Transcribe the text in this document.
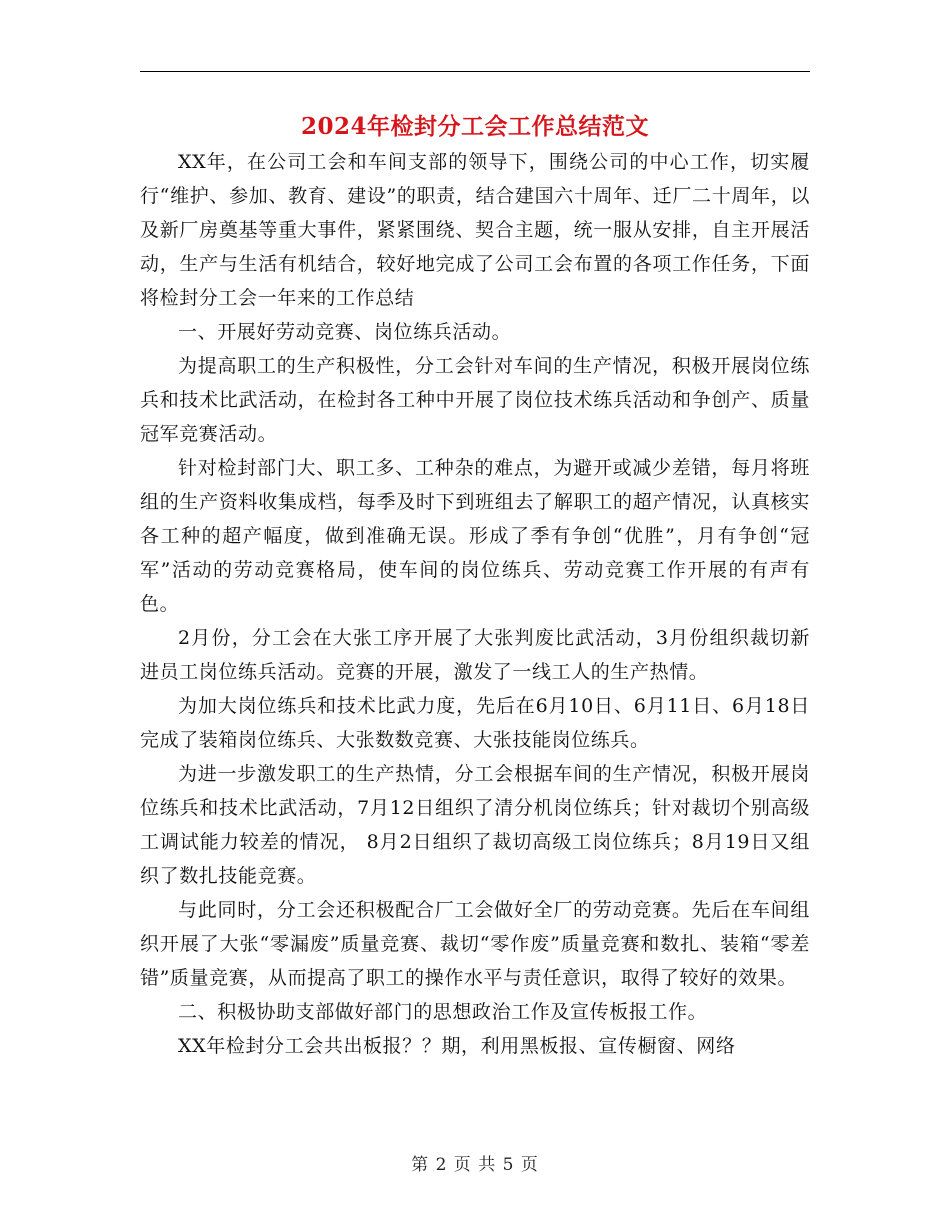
2024年检封分工会工作总结范文

XX年，在公司工会和车间支部的领导下，围绕公司的中心工作，切实履行“维护、参加、教育、建设”的职责，结合建国六十周年、迁厂二十周年，以及新厂房奠基等重大事件，紧紧围绕、契合主题，统一服从安排，自主开展活动，生产与生活有机结合，较好地完成了公司工会布置的各项工作任务，下面将检封分工会一年来的工作总结

一、开展好劳动竞赛、岗位练兵活动。

为提高职工的生产积极性，分工会针对车间的生产情况，积极开展岗位练兵和技术比武活动，在检封各工种中开展了岗位技术练兵活动和争创产、质量冠军竞赛活动。

针对检封部门大、职工多、工种杂的难点，为避开或减少差错，每月将班组的生产资料收集成档，每季及时下到班组去了解职工的超产情况，认真核实各工种的超产幅度，做到准确无误。形成了季有争创“优胜”，月有争创“冠军”活动的劳动竞赛格局，使车间的岗位练兵、劳动竞赛工作开展的有声有色。

2月份，分工会在大张工序开展了大张判废比武活动，3月份组织裁切新进员工岗位练兵活动。竞赛的开展，激发了一线工人的生产热情。

为加大岗位练兵和技术比武力度，先后在6月10日、6月11日、6月18日完成了装箱岗位练兵、大张数数竞赛、大张技能岗位练兵。

为进一步激发职工的生产热情，分工会根据车间的生产情况，积极开展岗位练兵和技术比武活动，7月12日组织了清分机岗位练兵；针对裁切个别高级工调试能力较差的情况， 8月2日组织了裁切高级工岗位练兵；8月19日又组织了数扎技能竞赛。

与此同时，分工会还积极配合厂工会做好全厂的劳动竞赛。先后在车间组织开展了大张“零漏废”质量竞赛、裁切“零作废”质量竞赛和数扎、装箱“零差错”质量竞赛，从而提高了职工的操作水平与责任意识，取得了较好的效果。

二、积极协助支部做好部门的思想政治工作及宣传板报工作。

XX年检封分工会共出板报？？期，利用黑板报、宣传橱窗、网络

第 2 页 共 5 页
